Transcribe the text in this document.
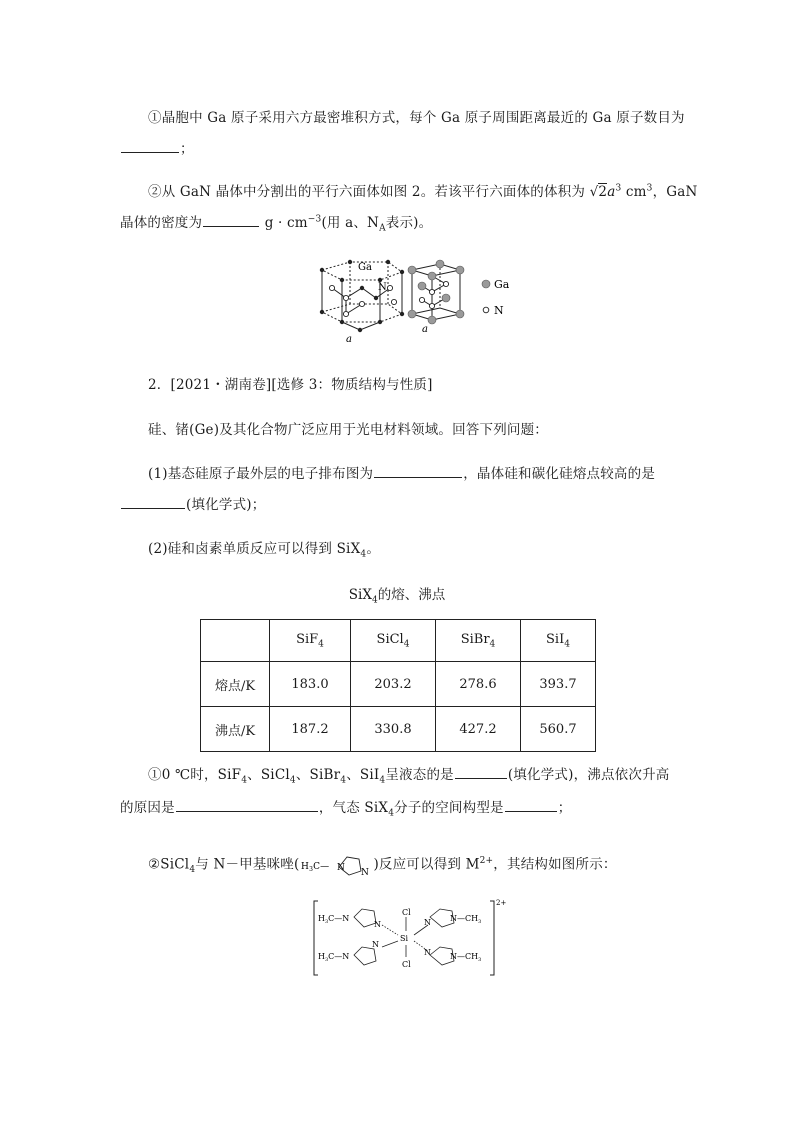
①晶胞中 Ga 原子采用六方最密堆积方式，每个 Ga 原子周围距离最近的 Ga 原子数目为
；
②从 GaN 晶体中分割出的平行六面体如图 2。若该平行六面体的体积为 $√2a^3$ $cm^3$，GaN
晶体的密度为	$g \cdot cm^{-3}$(用 a、$N_A$表示)。
Ga
N
a
a
Ga
N
2．[2021・湖南卷][选修 3：物质结构与性质]
硅、锗(Ge)及其化合物广泛应用于光电材料领域。回答下列问题：
(1)基态硅原子最外层的电子排布图为	，晶体硅和碳化硅熔点较高的是
(填化学式)；
(2)硅和卤素单质反应可以得到 SiX$_4$。
SiX$_4$的熔、沸点
	SiF$_4$	SiCl$_4$	SiBr$_4$	SiI$_4$
熔点/K	183.0	203.2	278.6	393.7
沸点/K	187.2	330.8	427.2	560.7
①0 ℃时，SiF$_4$、SiCl$_4$、SiBr$_4$、SiI$_4$呈液态的是	(填化学式)，沸点依次升高
的原因是	，气态 SiX$_4$分子的空间构型是	；
②SiCl$_4$与 N－甲基咪唑( $H_3C—$ N N
)反应可以得到 $M^{2+}$，其结构如图所示：
2+
$H_3C—N$
N
$H_3C—N$
N
Cl
Si
Cl
N $N—CH_3$
N $N—CH_3$
